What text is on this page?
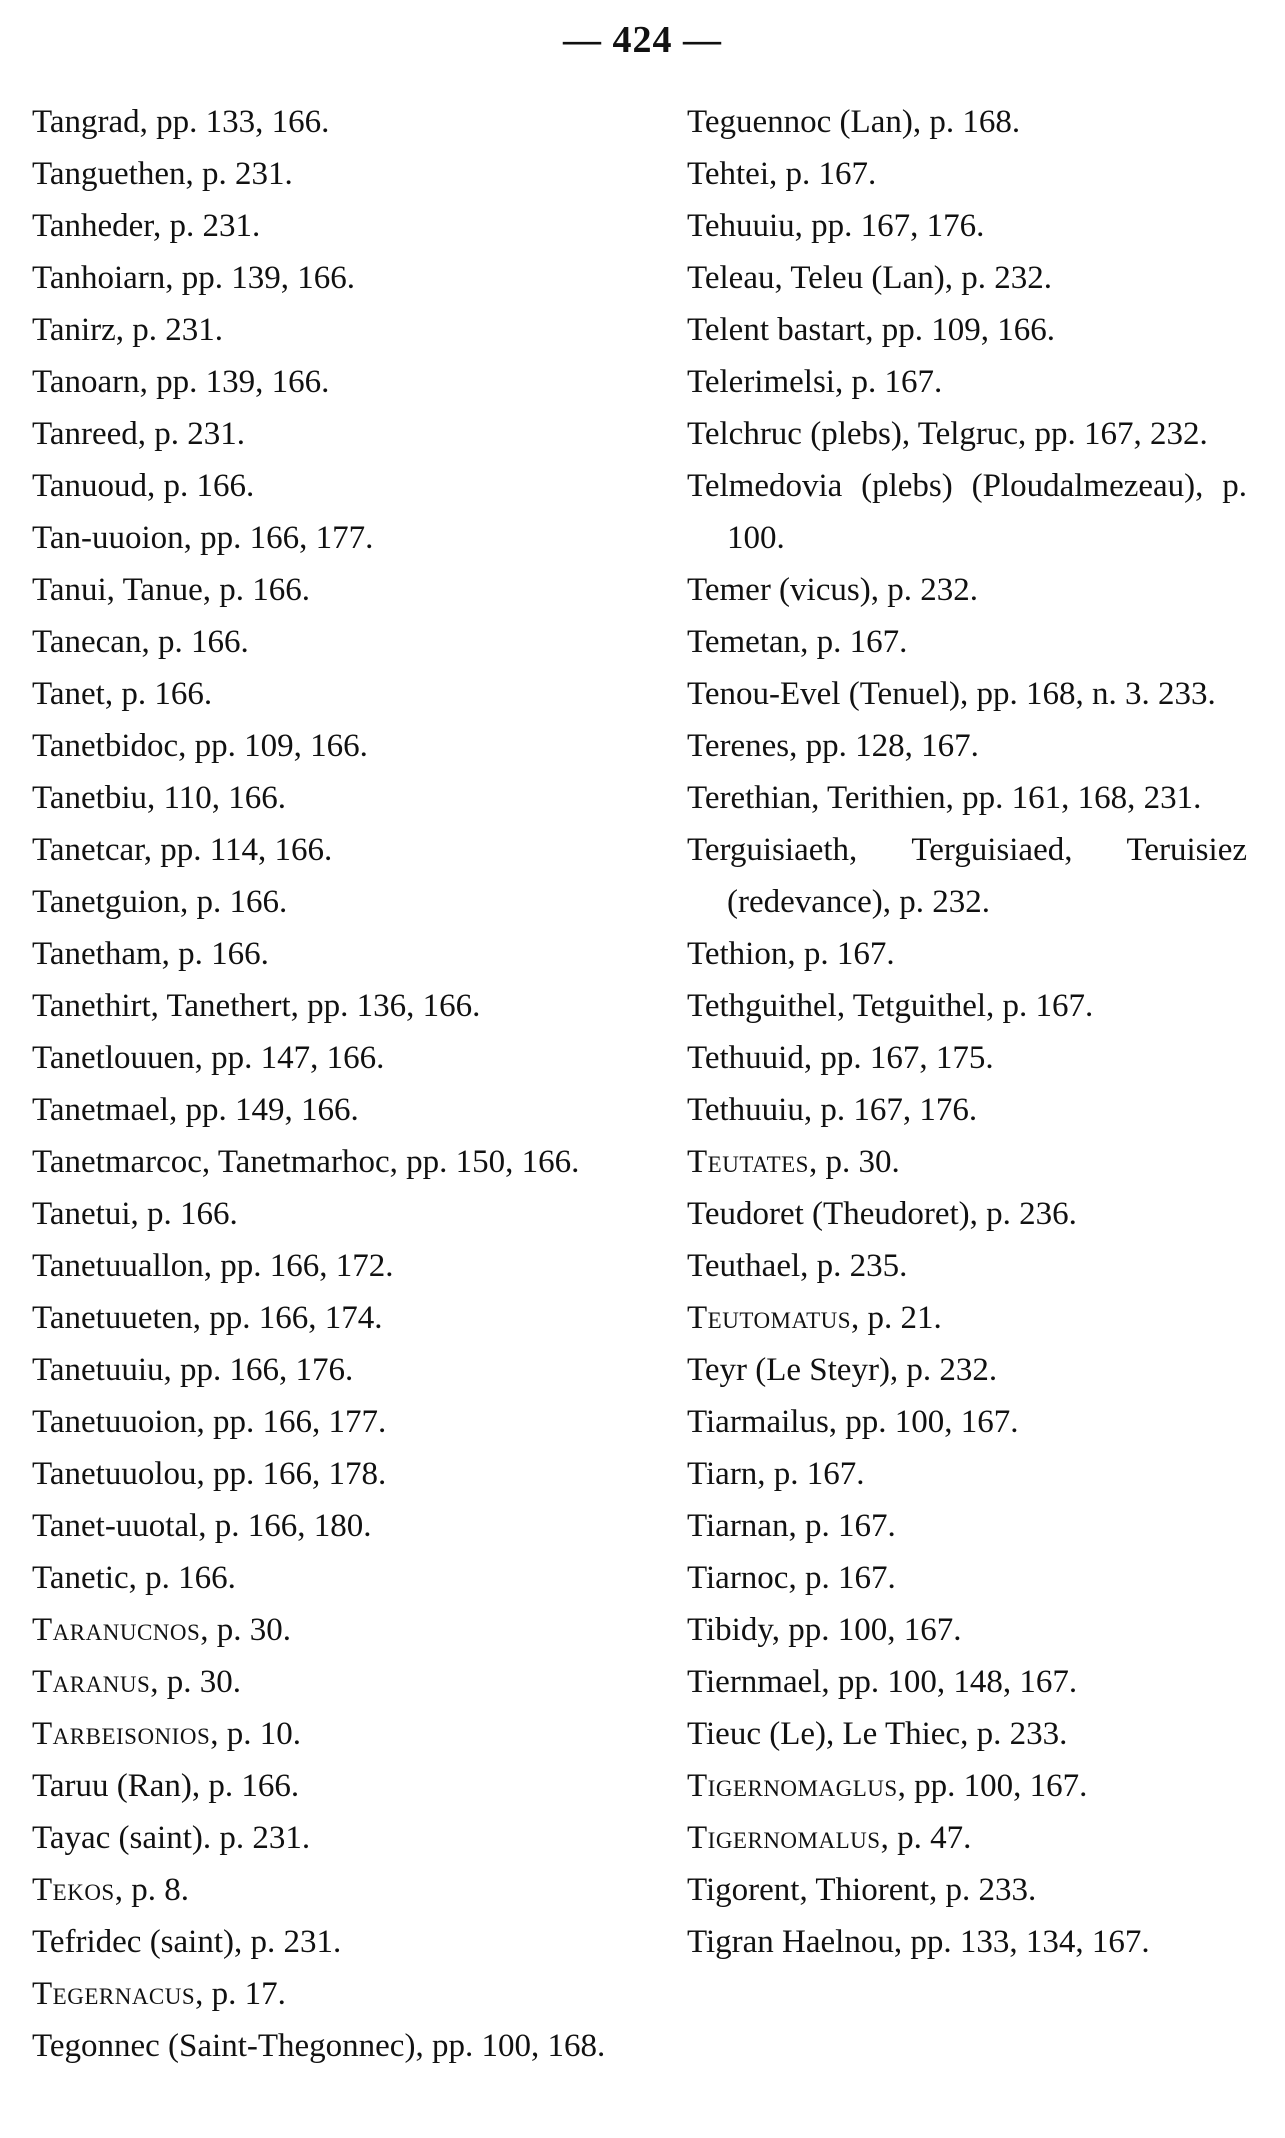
— 424 —

Tangrad, pp. 133, 166.

Tanguethen, p. 231.

Tanheder, p. 231.

Tanhoiarn, pp. 139, 166.

Tanirz, p. 231.

Tanoarn, pp. 139, 166.

Tanreed, p. 231.

Tanuoud, p. 166.

Tan-uuoion, pp. 166, 177.

Tanui, Tanue, p. 166.

Tanecan, p. 166.

Tanet, p. 166.

Tanetbidoc, pp. 109, 166.

Tanetbiu, 110, 166.

Tanetcar, pp. 114, 166.

Tanetguion, p. 166.

Tanetham, p. 166.

Tanethirt, Tanethert, pp. 136, 166.

Tanetlouuen, pp. 147, 166.

Tanetmael, pp. 149, 166.

Tanetmarcoc, Tanetmarhoc, pp. 150, 166.

Tanetui, p. 166.

Tanetuuallon, pp. 166, 172.

Tanetuueten, pp. 166, 174.

Tanetuuiu, pp. 166, 176.

Tanetuuoion, pp. 166, 177.

Tanetuuolou, pp. 166, 178.

Tanet-uuotal, p. 166, 180.

Tanetic, p. 166.

Taranucnos, p. 30.

Taranus, p. 30.

Tarbeisonios, p. 10.

Taruu (Ran), p. 166.

Tayac (saint). p. 231.

Tekos, p. 8.

Tefridec (saint), p. 231.

Tegernacus, p. 17.

Tegonnec (Saint-Thegonnec), pp. 100, 168.

Teguennoc (Lan), p. 168.

Tehtei, p. 167.

Tehuuiu, pp. 167, 176.

Teleau, Teleu (Lan), p. 232.

Telent bastart, pp. 109, 166.

Telerimelsi, p. 167.

Telchruc (plebs), Telgruc, pp. 167, 232.

Telmedovia (plebs) (Ploudalmezeau), p. 100.

Temer (vicus), p. 232.

Temetan, p. 167.

Tenou-Evel (Tenuel), pp. 168, n. 3. 233.

Terenes, pp. 128, 167.

Terethian, Terithien, pp. 161, 168, 231.

Terguisiaeth, Terguisiaed, Teruisiez (redevance), p. 232.

Tethion, p. 167.

Tethguithel, Tetguithel, p. 167.

Tethuuid, pp. 167, 175.

Tethuuiu, p. 167, 176.

Teutates, p. 30.

Teudoret (Theudoret), p. 236.

Teuthael, p. 235.

Teutomatus, p. 21.

Teyr (Le Steyr), p. 232.

Tiarmailus, pp. 100, 167.

Tiarn, p. 167.

Tiarnan, p. 167.

Tiarnoc, p. 167.

Tibidy, pp. 100, 167.

Tiernmael, pp. 100, 148, 167.

Tieuc (Le), Le Thiec, p. 233.

Tigernomaglus, pp. 100, 167.

Tigernomalus, p. 47.

Tigorent, Thiorent, p. 233.

Tigran Haelnou, pp. 133, 134, 167.
